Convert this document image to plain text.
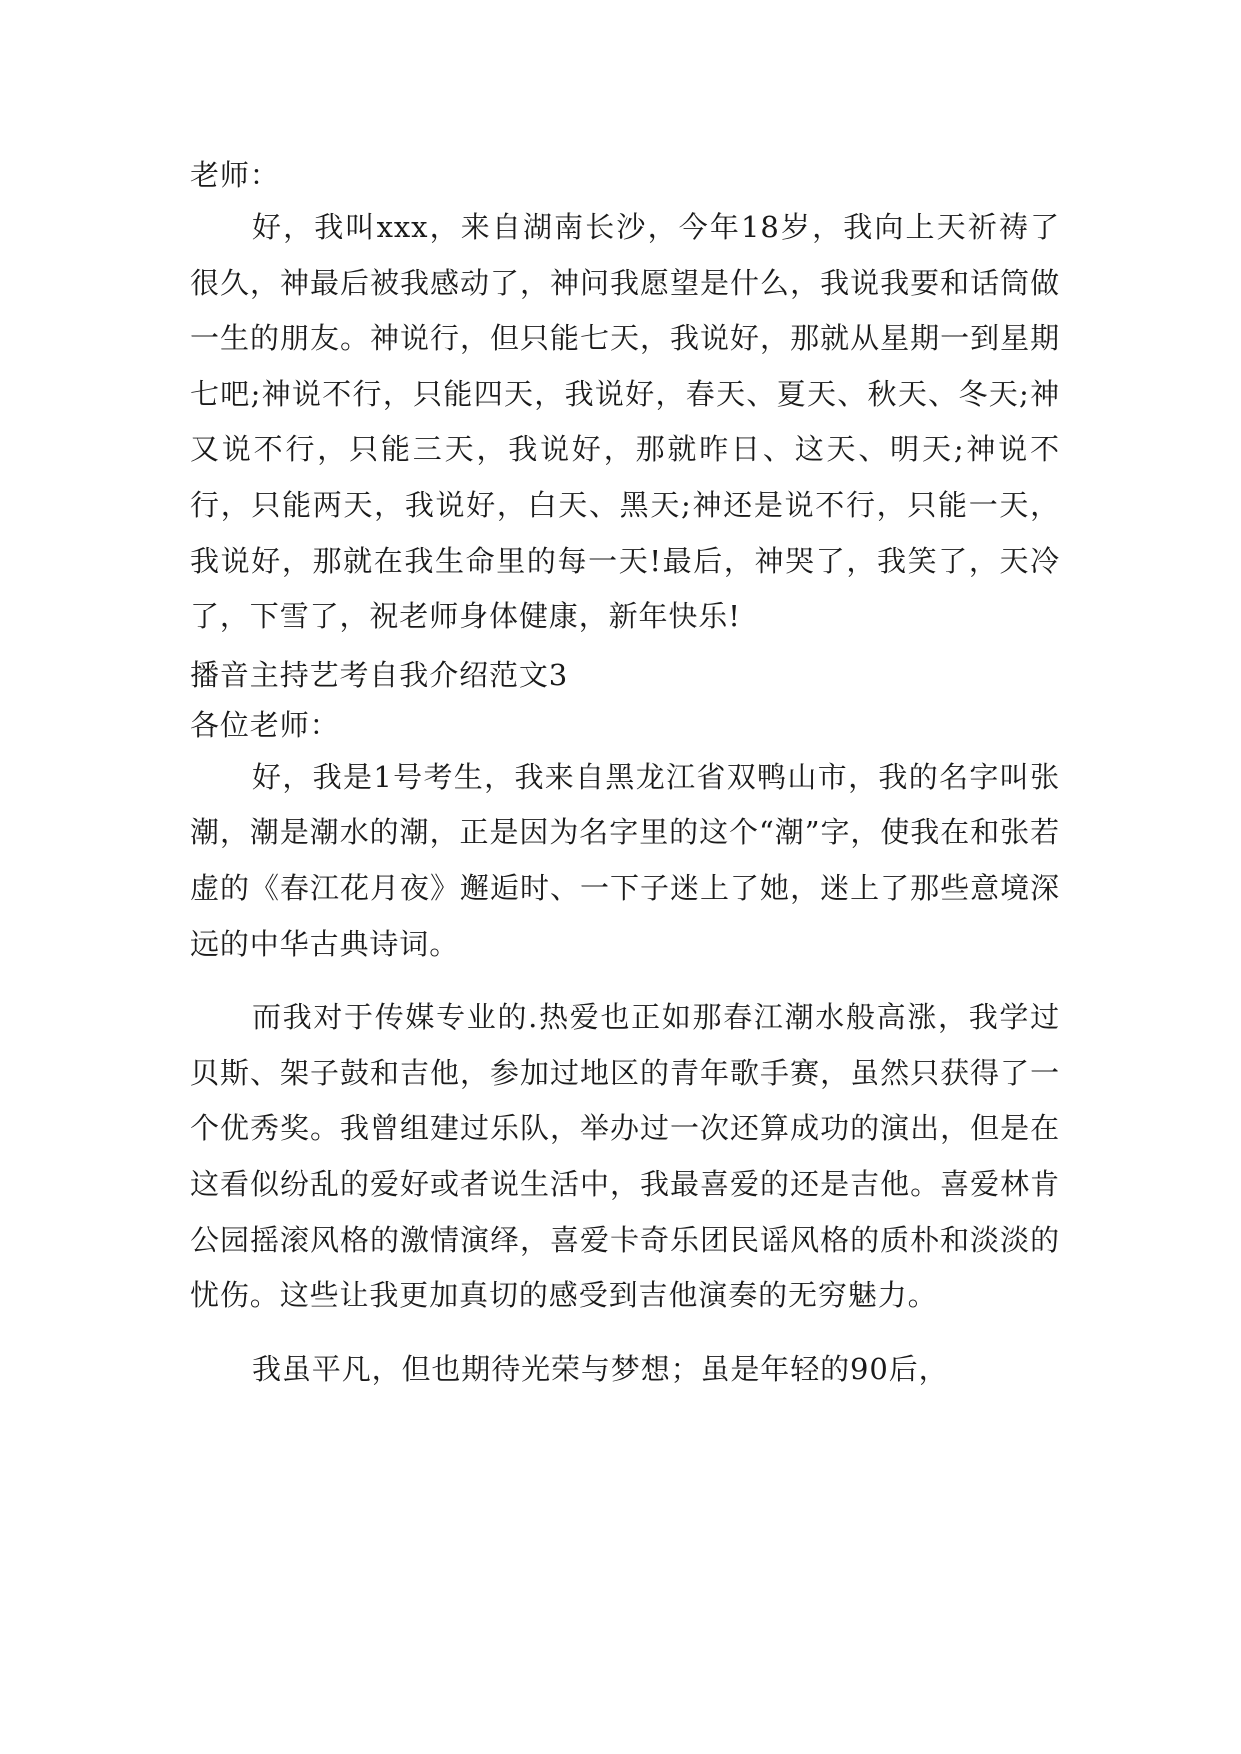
老师：

好，我叫xxx，来自湖南长沙，今年18岁，我向上天祈祷了很久，神最后被我感动了，神问我愿望是什么，我说我要和话筒做一生的朋友。神说行，但只能七天，我说好，那就从星期一到星期七吧;神说不行，只能四天，我说好，春天、夏天、秋天、冬天;神又说不行，只能三天，我说好，那就昨日、这天、明天;神说不行，只能两天，我说好，白天、黑天;神还是说不行，只能一天，我说好，那就在我生命里的每一天!最后，神哭了，我笑了，天冷了，下雪了，祝老师身体健康，新年快乐!

播音主持艺考自我介绍范文3

各位老师：

好，我是1号考生，我来自黑龙江省双鸭山市，我的名字叫张潮，潮是潮水的潮，正是因为名字里的这个“潮”字，使我在和张若虚的《春江花月夜》邂逅时、一下子迷上了她，迷上了那些意境深远的中华古典诗词。

而我对于传媒专业的.热爱也正如那春江潮水般高涨，我学过贝斯、架子鼓和吉他，参加过地区的青年歌手赛，虽然只获得了一个优秀奖。我曾组建过乐队，举办过一次还算成功的演出，但是在这看似纷乱的爱好或者说生活中，我最喜爱的还是吉他。喜爱林肯公园摇滚风格的激情演绎，喜爱卡奇乐团民谣风格的质朴和淡淡的忧伤。这些让我更加真切的感受到吉他演奏的无穷魅力。

我虽平凡，但也期待光荣与梦想；虽是年轻的90后，
